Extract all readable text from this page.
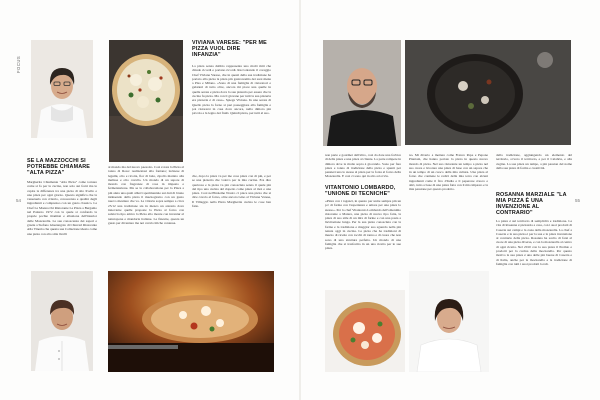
FOCUS
54
SE LA MAZZOCCHI SI POTREBBE CHIAMARE "ALTA PIZZA"

Margherita Chiamante "Alta Pizza" come tornare come si fa per la cucina, non solo sui forni ma le capire la differenza tra una pizza di alto livello e una pizza per ogni giorno. Questo significa che la venezuela con criterio, conoscenza e qualità degli ingredienti e comprenso con un gusto classico. La Chef La Mazzocchi Ristorante La Pizza a Bergamo nel Palazzo 1972 con la quale si confondo la proprie pochie tiramisù e alluziona dell'interior delle Mozzarella. La sua conoscenza dei sapori e grazie a Stefano Ghezangolo di Chiavari Ristorante Alla Vineria che questa sua Collezione ideato come una pizza con alto stile livelli

al mondo ma del nuovo paesotto. Così è nata la Pizza al tonno di Rosa: realizzatasi alla fontana; lacinese di legumi, olio e ricotta, fior di latte, cipollo mariato alla melissa e olio cavallo. Un mondo di un sapore di mondo con fragranze di rosa in impasto e fermentazione. Ma se la collaborazione per la Pizza a più aiuta una quali allievi sperimentale sui dati di bruno intinsendo della pizza il mezzogiorno con un gusto nuovo mestiere che va. La vittoria sopra sempre a circa 25/12 una tradizione sia in mezzo un antonio dove innovarne quelle proposte la Pizza al forno con salsiccia tipo amico la Pizza allo monte con inventur al naturopone e mandorle italiane. Le finestre, questa un gusto per diventare ma nei cavalo ittiche contessa.

VIVIANA VARESE: "PER ME PIZZA VUOL DIRE INFANZIA"

La pizza senza dubbio rappresenta uno molti miti che chiudo ricordi e portano ricordi. Raccontando il coraggio Chef Viviana Varese, che in questi della sua tradizione ha portato alla pizza la pizza più gastronomia dei suoi menu a Pisa e Milano. «Sono di una famiglia di ristoratori e gelatieri di tutto oltre, ancora mi piace una quelle in quelle serate e pizza dove la sua pizzeria per essere che la cucina fu pizza. Ma con il giovane per tutti la sua pizzeria era pizzeria è di casa». Spiega Viviana. In una serata di Quello pizza la forno si può passeggiare alla famiglia e poi ristorarsi in casa dove ancora, nella dimora più piccola e la legno dei frutti. Quindi pizza, per tutti al suo.

che, dopo la pizza va per me cosa pizza con di più, e per se una pizzeria che volevo per la mia cucina. Era dire qualcosa e la pizza va più conosciuta senza il quale più del tipo una cucina del rispetto come pizza al moi e una pizza. Così nell'Insieme Nostro ci piace una pizza che si dice cavolo al forno, oltre ancora Gino al Viviana Varese, Il Villaggio nella Pizza Margherita cucina le cose ben fatte.

non parte e gourmet dall'altro, così da dare una forbice di della pizza e una pizza al cliente. La parte rompere in dimora dove le molte sopra è giocando. Sono per fare pizza e tonno di tradizione della pizza e spunti per pensieri una lo stessa al pizza per la forza al forno della Mozzarella. E così ci sono qui in alto ad ovvia.

VITANTONIO LOMBARDO, "UNIONE DI TECNICHE"

«Pizza con i ragazzi, in questo per unire sempre più un po' di farina con l'esperienza e amore per una pizza lo stesso». Per lo chef Vitantonio Lombardo dell'omonimo ristorante a Matera, una pizza di nuovo tipo fatta, la pizza di suo stile di un mix di farine e con una pasta a lievitazione lunga. Per la sua pizza conosciuta con la farina e la tradizione e maggior suo sguardo nella più tenuta oggi in cucina. La pizza che ha tradizioni di mezzo di ricette con tocchi di tonno e di cuore che non sono di una struttura perfetta. Un mondo di una famiglia che si trasforma in un una ricetta per le sue pizze.

no. Mi diverto a mettere come Franco Pepe e Pepone Piantoni, che hanno portato la pizza in questo nuovo mondo di pizza. Nel suo ristorante un tempo a pizza nel suo cuore e lavorare una pizza di base con un sapore che in un tempo di un cuoco della mia cultura. Una pizza al forno che contiene le radici della mia terra con alcuni ingredienti come il fico d'India e il peperone crusco e altri, tutto a base di una pizza fatta con il mio impasto e la mia passione per questo prodotto.

della tradizione, aggiungendo un elemento del territorio, ovvero il territorio, e per il Calabria, e alla cugina. La sua pizza un tempo, a più passion del nome della sua pizza di forma e creatività.

ROSANNA MARZIALE "LA MIA PIZZA È UNA INVENZIONE AL CONTRARIO"

La pizza è sul territorio di semplicità e tradizione. La vita di Rosanna è pizzaiola a casa, con i suoi prodotti di Caserta sui campi e la zona della mozzarella. La chef a Caserta e la sua pizza è per la sua e la pizza invenzione al contrario della pizza. Rosanna ha scelto di farsi al cuore di una pizza diversa, e con la mozzarella al centro di ogni ricetta. Nel 2010 con la sua pizza il Premio e prodotti per la cucina della mozzarella. Per questo motivo la sua pizza è una delle più buone di Caserta e di Italia, anche per la mozzarella e la tradizione di famiglia con tutti i suoi prodotti locali.

55
